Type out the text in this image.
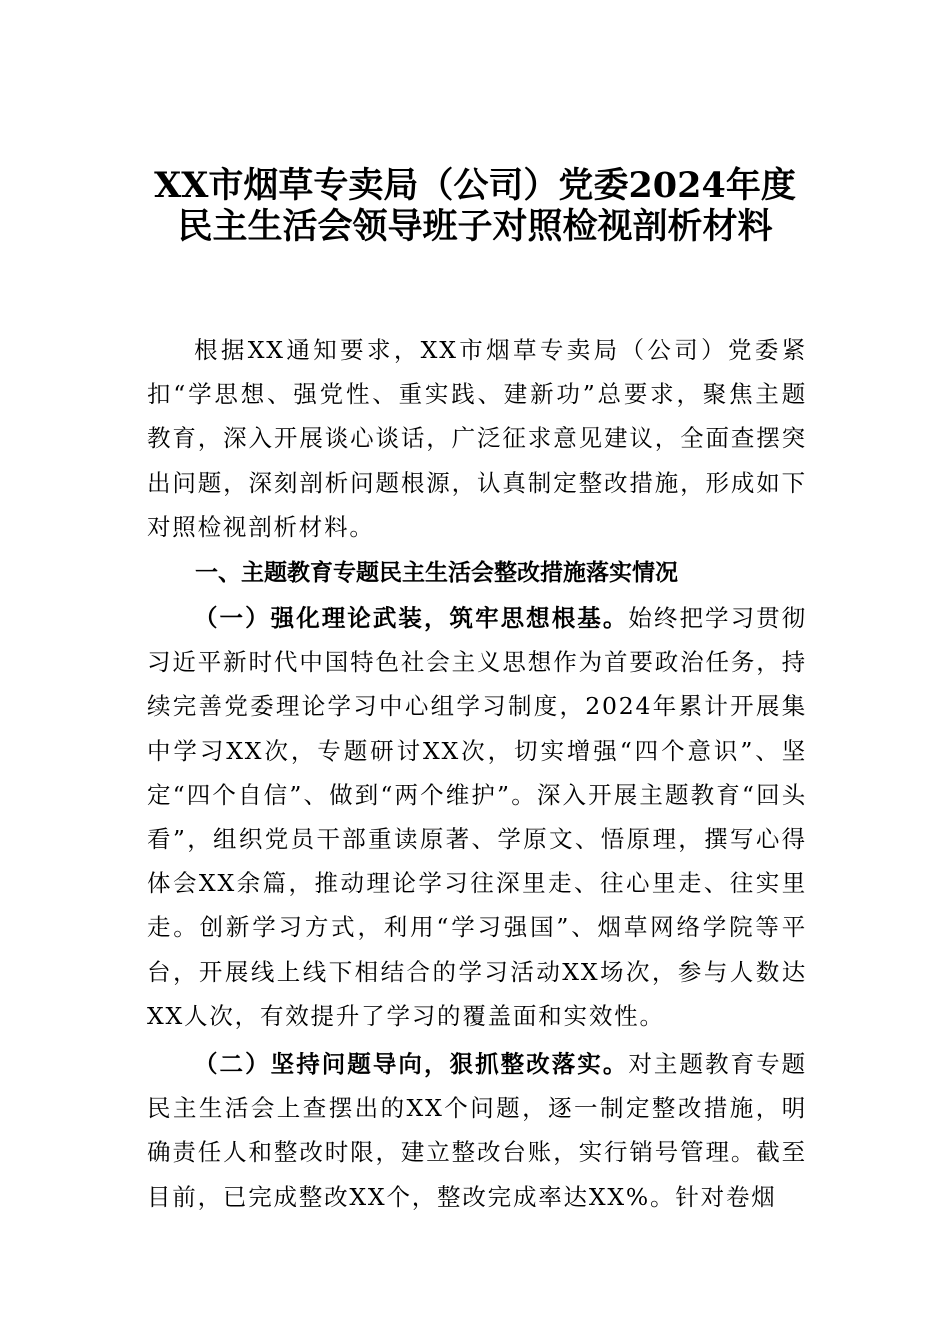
XX市烟草专卖局（公司）党委2024年度
民主生活会领导班子对照检视剖析材料
根据XX通知要求，XX市烟草专卖局（公司）党委紧扣“学思想、强党性、重实践、建新功”总要求，聚焦主题教育，深入开展谈心谈话，广泛征求意见建议，全面查摆突出问题，深刻剖析问题根源，认真制定整改措施，形成如下对照检视剖析材料。
一、主题教育专题民主生活会整改措施落实情况
（一）强化理论武装，筑牢思想根基。始终把学习贯彻习近平新时代中国特色社会主义思想作为首要政治任务，持续完善党委理论学习中心组学习制度，2024年累计开展集中学习XX次，专题研讨XX次，切实增强“四个意识”、坚定“四个自信”、做到“两个维护”。深入开展主题教育“回头看”，组织党员干部重读原著、学原文、悟原理，撰写心得体会XX余篇，推动理论学习往深里走、往心里走、往实里走。创新学习方式，利用“学习强国”、烟草网络学院等平台，开展线上线下相结合的学习活动XX场次，参与人数达XX人次，有效提升了学习的覆盖面和实效性。
（二）坚持问题导向，狠抓整改落实。对主题教育专题民主生活会上查摆出的XX个问题，逐一制定整改措施，明确责任人和整改时限，建立整改台账，实行销号管理。截至目前，已完成整改XX个，整改完成率达XX%。针对卷烟
